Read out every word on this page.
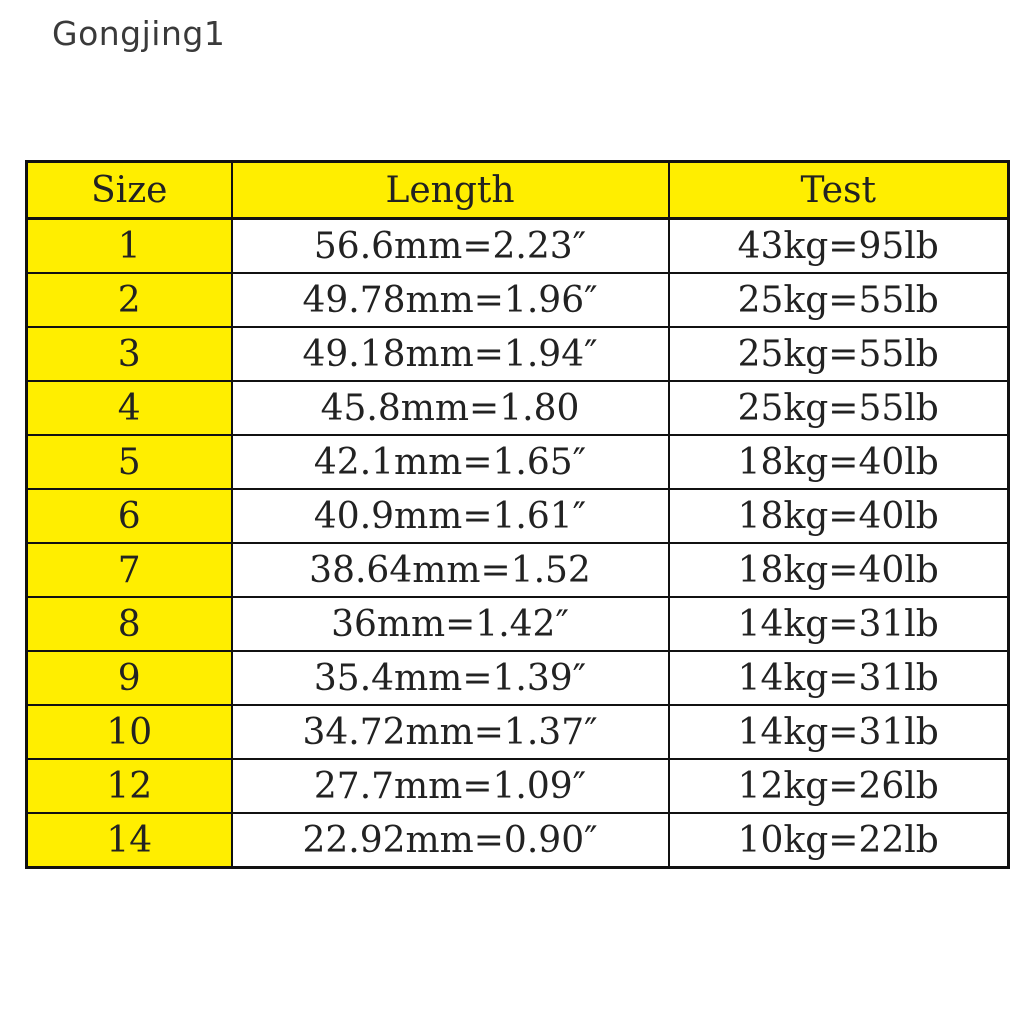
Gongjing1
Size	Length	Test
1	56.6mm=2.23″	43kg=95lb
2	49.78mm=1.96″	25kg=55lb
3	49.18mm=1.94″	25kg=55lb
4	45.8mm=1.80	25kg=55lb
5	42.1mm=1.65″	18kg=40lb
6	40.9mm=1.61″	18kg=40lb
7	38.64mm=1.52	18kg=40lb
8	36mm=1.42″	14kg=31lb
9	35.4mm=1.39″	14kg=31lb
10	34.72mm=1.37″	14kg=31lb
12	27.7mm=1.09″	12kg=26lb
14	22.92mm=0.90″	10kg=22lb
